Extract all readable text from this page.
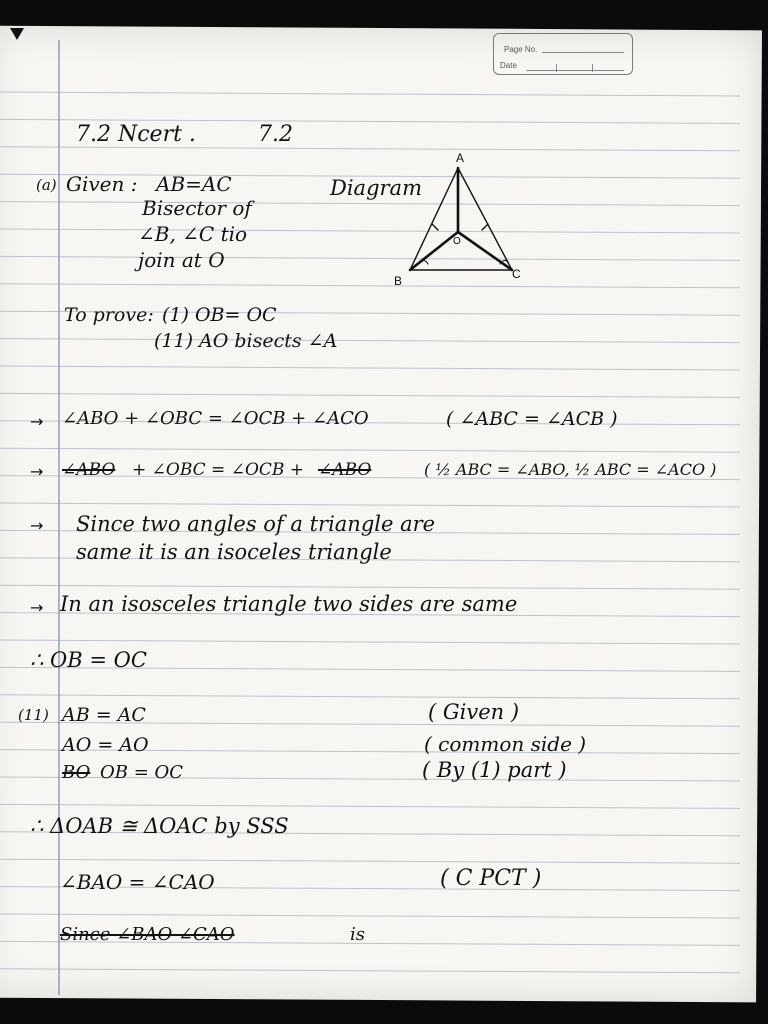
Page No.
Date
7.2 Ncert .	7.2
(a) Given : AB=AC
Bisector of
∠B, ∠C tio
join at O
Diagram
A
B	C
O
To prove: (1) OB= OC
(11) AO bisects ∠A
→ ∠ABO + ∠OBC = ∠OCB + ∠ACO	( ∠ABC = ∠ACB )
→ ∠ABO + ∠OBC = ∠OCB + ∠ABO	( ½ ABC = ∠ABO, ½ ABC = ∠ACO )
→ Since two angles of a triangle are
same it is an isoceles triangle
→ In an isosceles triangle two sides are same
∴ OB = OC
(11) AB = AC	( Given )
AO = AO	( common side )
BO OB = OC	( By (1) part )
∴ ΔOAB ≅ ΔOAC by SSS
∠BAO = ∠CAO	( C PCT )
Since ∠BAO ∠CAO	is
